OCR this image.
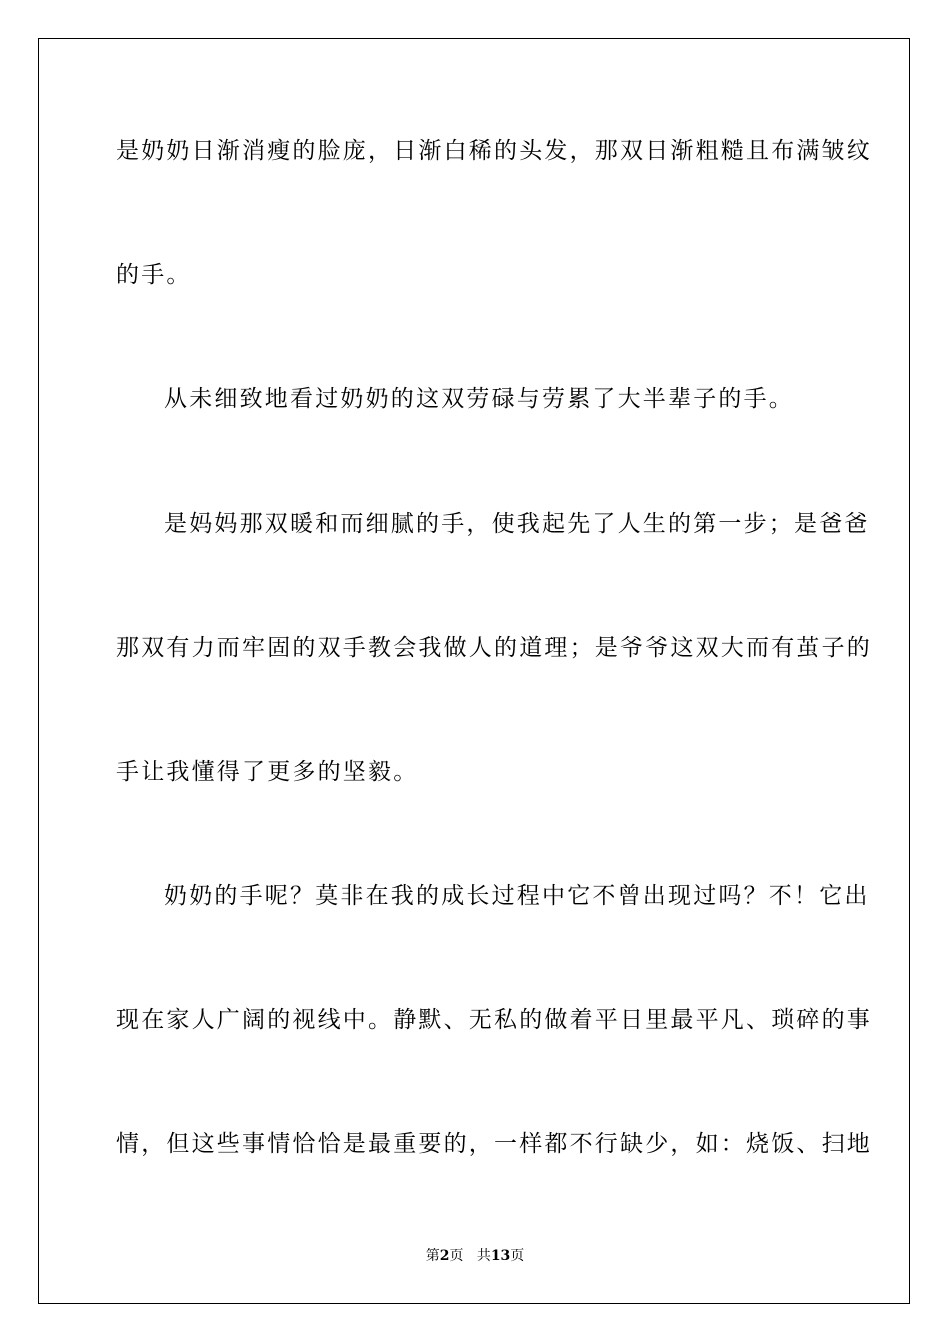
是奶奶日渐消瘦的脸庞，日渐白稀的头发，那双日渐粗糙且布满皱纹
的手。
从未细致地看过奶奶的这双劳碌与劳累了大半辈子的手。
是妈妈那双暖和而细腻的手，使我起先了人生的第一步；是爸爸
那双有力而牢固的双手教会我做人的道理；是爷爷这双大而有茧子的
手让我懂得了更多的坚毅。
奶奶的手呢？莫非在我的成长过程中它不曾出现过吗？不！它出
现在家人广阔的视线中。静默、无私的做着平日里最平凡、琐碎的事
情，但这些事情恰恰是最重要的，一样都不行缺少，如：烧饭、扫地
第2页 共13页
